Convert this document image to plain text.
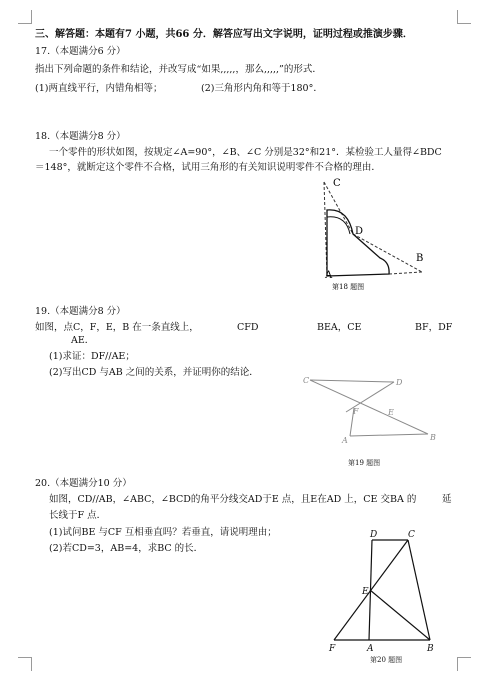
三、解答题：本题有7 小题，共66 分．解答应写出文字说明，证明过程或推演步骤．
17.（本题满分6 分）
指出下列命题的条件和结论，并改写成“如果,,,,,，那么,,,,,”的形式．
(1)两直线平行，内错角相等；	(2)三角形内角和等于180°．
18.（本题满分8 分）
一个零件的形状如图，按规定∠A=90°，∠B、∠C 分别是32°和21°．某检验工人量得∠BDC
＝148°，就断定这个零件不合格，试用三角形的有关知识说明零件不合格的理由．
C
D
B
A
第18 题图
19.（本题满分8 分）
如图，点C，F，E，B 在一条直线上，	CFD	BEA，CE	BF，DF
AE．
(1)求证：DF//AE；
(2)写出CD 与AB 之间的关系，并证明你的结论．
C	D
F	E
A	B
第19 题图
20.（本题满分10 分）
如图，CD//AB，∠ABC，∠BCD的角平分线交AD于E 点，且E在AD 上，CE 交BA 的	延
长线于F 点．
(1)试问BE 与CF 互相垂直吗？若垂直，请说明理由；
(2)若CD=3，AB=4，求BC 的长．
D	C
E
F	A	B
第20 题图
